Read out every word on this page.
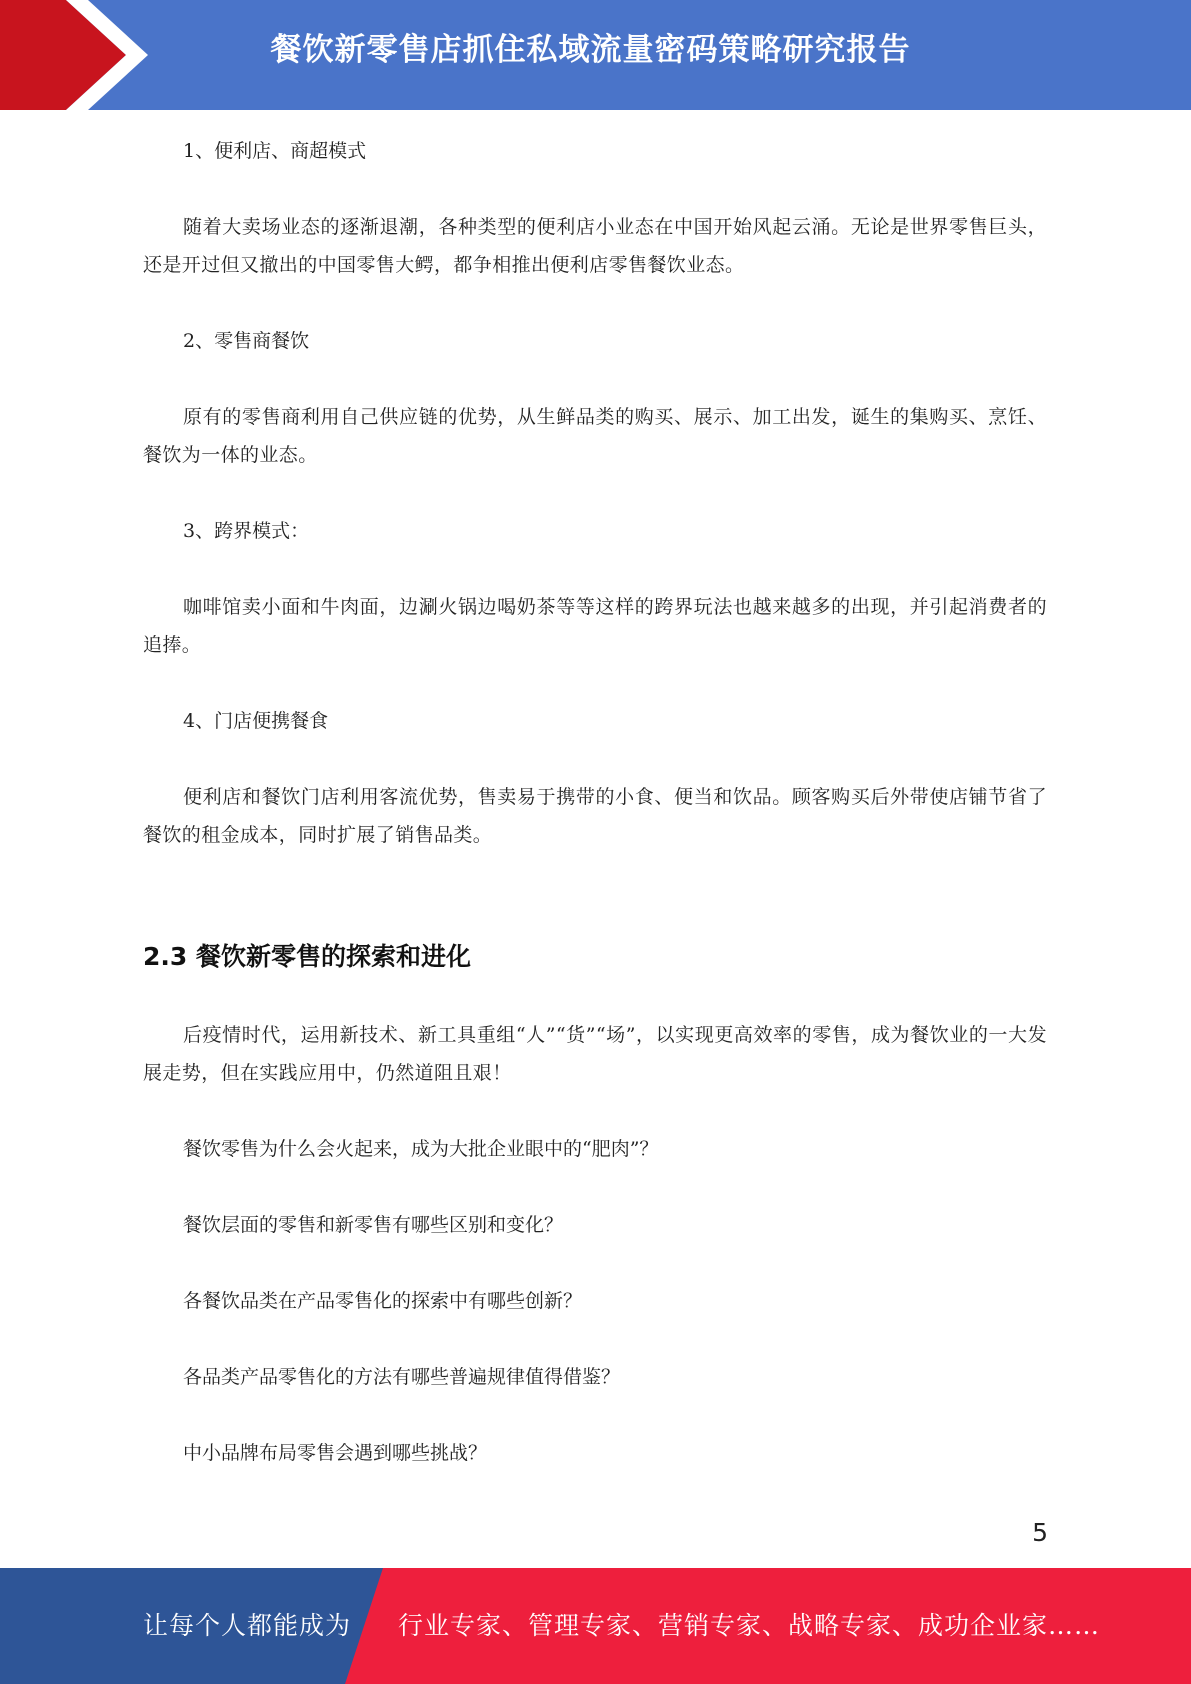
餐饮新零售店抓住私域流量密码策略研究报告
1、便利店、商超模式

随着大卖场业态的逐渐退潮，各种类型的便利店小业态在中国开始风起云涌。无论是世界零售巨头，还是开过但又撤出的中国零售大鳄，都争相推出便利店零售餐饮业态。

2、零售商餐饮

原有的零售商利用自己供应链的优势，从生鲜品类的购买、展示、加工出发，诞生的集购买、烹饪、餐饮为一体的业态。

3、跨界模式：

咖啡馆卖小面和牛肉面，边涮火锅边喝奶茶等等这样的跨界玩法也越来越多的出现，并引起消费者的追捧。

4、门店便携餐食

便利店和餐饮门店利用客流优势，售卖易于携带的小食、便当和饮品。顾客购买后外带使店铺节省了餐饮的租金成本，同时扩展了销售品类。

2.3 餐饮新零售的探索和进化

后疫情时代，运用新技术、新工具重组“人”“货”“场”，以实现更高效率的零售，成为餐饮业的一大发展走势，但在实践应用中，仍然道阻且艰！

餐饮零售为什么会火起来，成为大批企业眼中的“肥肉”？
餐饮层面的零售和新零售有哪些区别和变化？
各餐饮品类在产品零售化的探索中有哪些创新？
各品类产品零售化的方法有哪些普遍规律值得借鉴？
中小品牌布局零售会遇到哪些挑战？
5
让每个人都能成为 行业专家、管理专家、营销专家、战略专家、成功企业家……
